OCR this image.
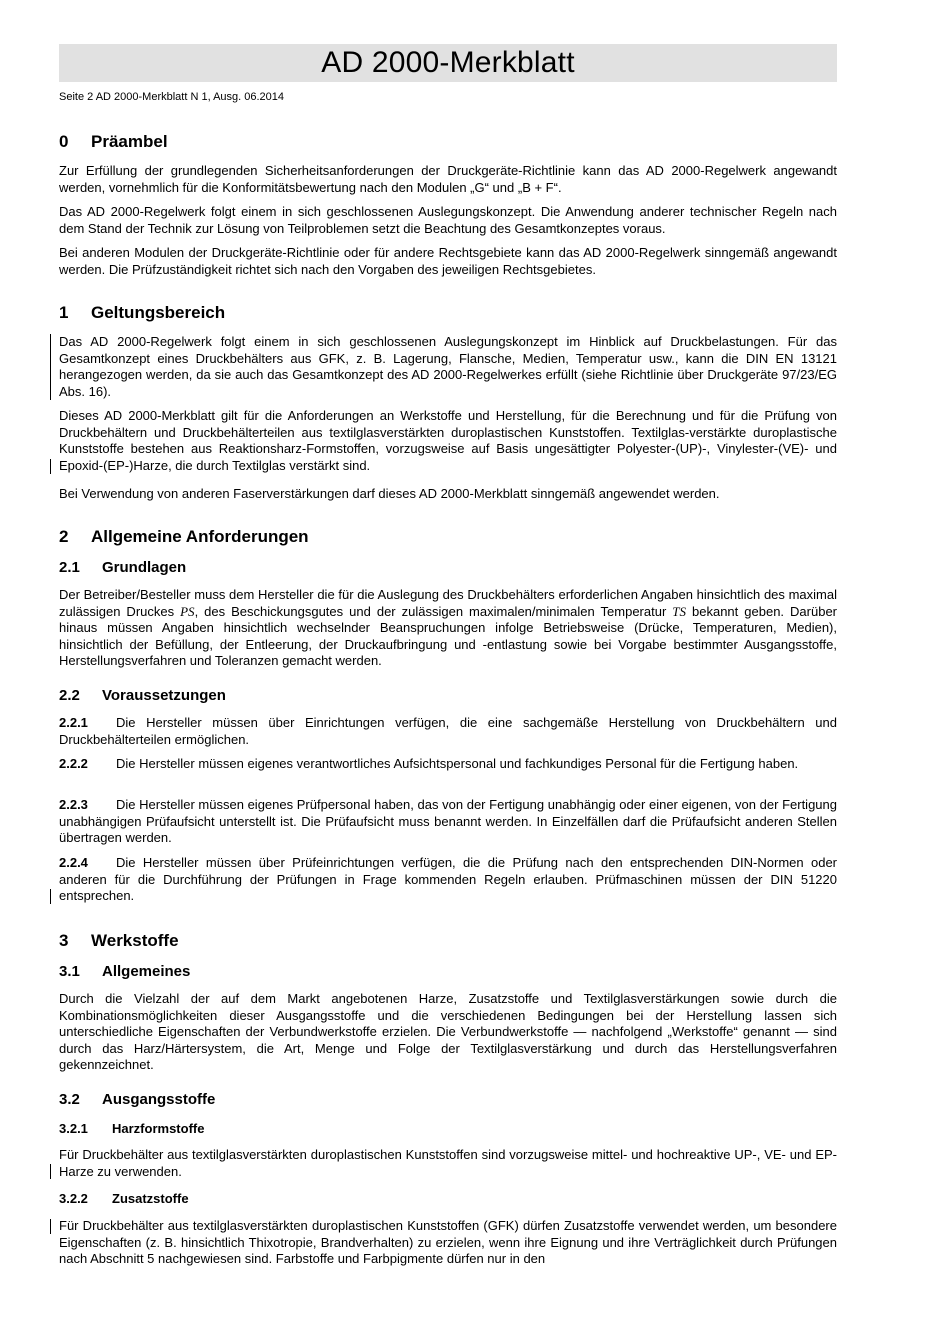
AD 2000-Merkblatt
Seite 2 AD 2000-Merkblatt N 1, Ausg. 06.2014
0 Präambel

Zur Erfüllung der grundlegenden Sicherheitsanforderungen der Druckgeräte-Richtlinie kann das AD 2000-Regelwerk angewandt werden, vornehmlich für die Konformitätsbewertung nach den Modulen „G“ und „B + F“.

Das AD 2000-Regelwerk folgt einem in sich geschlossenen Auslegungskonzept. Die Anwendung anderer technischer Regeln nach dem Stand der Technik zur Lösung von Teilproblemen setzt die Beachtung des Gesamtkonzeptes voraus.

Bei anderen Modulen der Druckgeräte-Richtlinie oder für andere Rechtsgebiete kann das AD 2000-Regelwerk sinngemäß angewandt werden. Die Prüfzuständigkeit richtet sich nach den Vorgaben des jeweiligen Rechtsgebietes.

1 Geltungsbereich

Das AD 2000-Regelwerk folgt einem in sich geschlossenen Auslegungskonzept im Hinblick auf Druckbelastungen. Für das Gesamtkonzept eines Druckbehälters aus GFK, z. B. Lagerung, Flansche, Medien, Temperatur usw., kann die DIN EN 13121 herangezogen werden, da sie auch das Gesamtkonzept des AD 2000-Regelwerkes erfüllt (siehe Richtlinie über Druckgeräte 97/23/EG Abs. 16).

Dieses AD 2000-Merkblatt gilt für die Anforderungen an Werkstoffe und Herstellung, für die Berechnung und für die Prüfung von Druckbehältern und Druckbehälterteilen aus textilglasverstärkten duroplastischen Kunststoffen. Textilglas-verstärkte duroplastische Kunststoffe bestehen aus Reaktionsharz-Formstoffen, vorzugsweise auf Basis ungesättigter Polyester-(UP)-, Vinylester-(VE)- und Epoxid-(EP-)Harze, die durch Textilglas verstärkt sind.

Bei Verwendung von anderen Faserverstärkungen darf dieses AD 2000-Merkblatt sinngemäß angewendet werden.

2 Allgemeine Anforderungen
2.1 Grundlagen

Der Betreiber/Besteller muss dem Hersteller die für die Auslegung des Druckbehälters erforderlichen Angaben hinsichtlich des maximal zulässigen Druckes PS, des Beschickungsgutes und der zulässigen maximalen/minimalen Temperatur TS bekannt geben. Darüber hinaus müssen Angaben hinsichtlich wechselnder Beanspruchungen infolge Betriebsweise (Drücke, Temperaturen, Medien), hinsichtlich der Befüllung, der Entleerung, der Druckaufbringung und -entlastung sowie bei Vorgabe bestimmter Ausgangsstoffe, Herstellungsverfahren und Toleranzen gemacht werden.

2.2 Voraussetzungen

2.2.1 Die Hersteller müssen über Einrichtungen verfügen, die eine sachgemäße Herstellung von Druckbehältern und Druckbehälterteilen ermöglichen.

2.2.2 Die Hersteller müssen eigenes verantwortliches Aufsichtspersonal und fachkundiges Personal für die Fertigung haben.

2.2.3 Die Hersteller müssen eigenes Prüfpersonal haben, das von der Fertigung unabhängig oder einer eigenen, von der Fertigung unabhängigen Prüfaufsicht unterstellt ist. Die Prüfaufsicht muss benannt werden. In Einzelfällen darf die Prüfaufsicht anderen Stellen übertragen werden.

2.2.4 Die Hersteller müssen über Prüfeinrichtungen verfügen, die die Prüfung nach den entsprechenden DIN-Normen oder anderen für die Durchführung der Prüfungen in Frage kommenden Regeln erlauben. Prüfmaschinen müssen der DIN 51220 entsprechen.

3 Werkstoffe
3.1 Allgemeines

Durch die Vielzahl der auf dem Markt angebotenen Harze, Zusatzstoffe und Textilglasverstärkungen sowie durch die Kombinationsmöglichkeiten dieser Ausgangsstoffe und die verschiedenen Bedingungen bei der Herstellung lassen sich unterschiedliche Eigenschaften der Verbundwerkstoffe erzielen. Die Verbundwerkstoffe — nachfolgend „Werkstoffe“ genannt — sind durch das Harz/Härtersystem, die Art, Menge und Folge der Textilglasverstärkung und durch das Herstellungsverfahren gekennzeichnet.

3.2 Ausgangsstoffe
3.2.1 Harzformstoffe

Für Druckbehälter aus textilglasverstärkten duroplastischen Kunststoffen sind vorzugsweise mittel- und hochreaktive UP-, VE- und EP-Harze zu verwenden.

3.2.2 Zusatzstoffe

Für Druckbehälter aus textilglasverstärkten duroplastischen Kunststoffen (GFK) dürfen Zusatzstoffe verwendet werden, um besondere Eigenschaften (z. B. hinsichtlich Thixotropie, Brandverhalten) zu erzielen, wenn ihre Eignung und ihre Verträglichkeit durch Prüfungen nach Abschnitt 5 nachgewiesen sind. Farbstoffe und Farbpigmente dürfen nur in den
